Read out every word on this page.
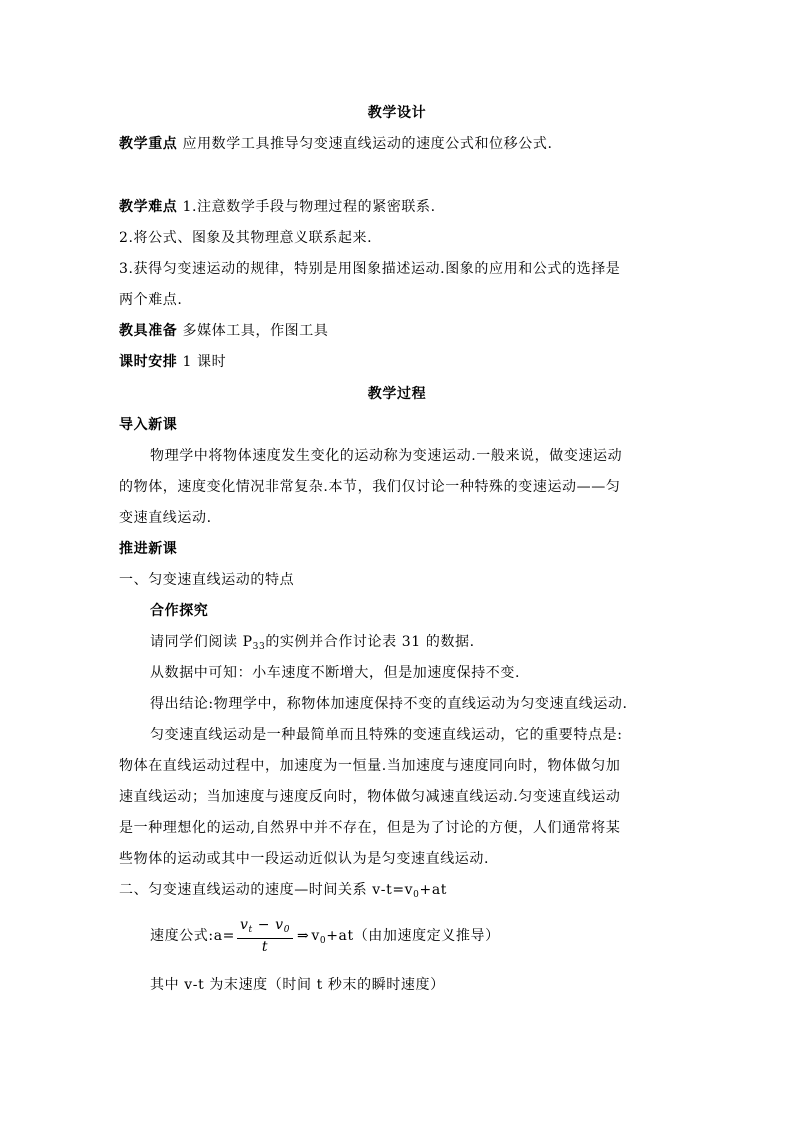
教学设计
教学重点 应用数学工具推导匀变速直线运动的速度公式和位移公式.
教学难点 1.注意数学手段与物理过程的紧密联系.
2.将公式、图象及其物理意义联系起来.
3.获得匀变速运动的规律，特别是用图象描述运动.图象的应用和公式的选择是
两个难点.
教具准备 多媒体工具，作图工具
课时安排 1 课时
教学过程
导入新课
物理学中将物体速度发生变化的运动称为变速运动.一般来说，做变速运动
的物体，速度变化情况非常复杂.本节，我们仅讨论一种特殊的变速运动——匀
变速直线运动.
推进新课
一、匀变速直线运动的特点
合作探究
请同学们阅读 $P_{33}$的实例并合作讨论表 31 的数据.
从数据中可知：小车速度不断增大，但是加速度保持不变.
得出结论:物理学中，称物体加速度保持不变的直线运动为匀变速直线运动.
匀变速直线运动是一种最简单而且特殊的变速直线运动，它的重要特点是:
物体在直线运动过程中，加速度为一恒量.当加速度与速度同向时，物体做匀加
速直线运动；当加速度与速度反向时，物体做匀减速直线运动.匀变速直线运动
是一种理想化的运动,自然界中并不存在，但是为了讨论的方便，人们通常将某
些物体的运动或其中一段运动近似认为是匀变速直线运动.
二、匀变速直线运动的速度—时间关系 $v-t=v_0+at$
速度公式:a= $\frac{v_t - v_0}{t}$ ⇒ $v_0+at$（由加速度定义推导）
其中 v-t 为末速度（时间 t 秒末的瞬时速度）
